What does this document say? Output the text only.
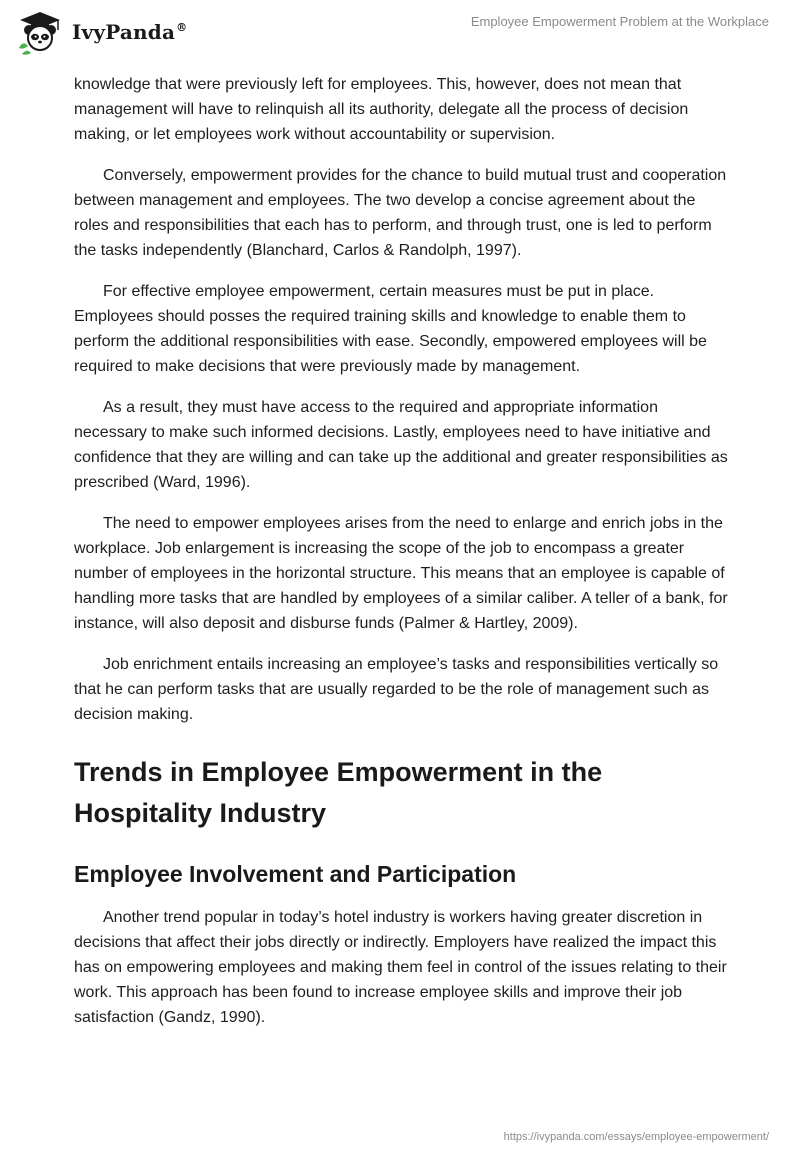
IvyPanda®	Employee Empowerment Problem at the Workplace

knowledge that were previously left for employees. This, however, does not mean that management will have to relinquish all its authority, delegate all the process of decision making, or let employees work without accountability or supervision.

Conversely, empowerment provides for the chance to build mutual trust and cooperation between management and employees. The two develop a concise agreement about the roles and responsibilities that each has to perform, and through trust, one is led to perform the tasks independently (Blanchard, Carlos & Randolph, 1997).

For effective employee empowerment, certain measures must be put in place. Employees should posses the required training skills and knowledge to enable them to perform the additional responsibilities with ease. Secondly, empowered employees will be required to make decisions that were previously made by management.

As a result, they must have access to the required and appropriate information necessary to make such informed decisions. Lastly, employees need to have initiative and confidence that they are willing and can take up the additional and greater responsibilities as prescribed (Ward, 1996).

The need to empower employees arises from the need to enlarge and enrich jobs in the workplace. Job enlargement is increasing the scope of the job to encompass a greater number of employees in the horizontal structure. This means that an employee is capable of handling more tasks that are handled by employees of a similar caliber. A teller of a bank, for instance, will also deposit and disburse funds (Palmer & Hartley, 2009).

Job enrichment entails increasing an employee’s tasks and responsibilities vertically so that he can perform tasks that are usually regarded to be the role of management such as decision making.

Trends in Employee Empowerment in the Hospitality Industry
Employee Involvement and Participation

Another trend popular in today’s hotel industry is workers having greater discretion in decisions that affect their jobs directly or indirectly. Employers have realized the impact this has on empowering employees and making them feel in control of the issues relating to their work. This approach has been found to increase employee skills and improve their job satisfaction (Gandz, 1990).

https://ivypanda.com/essays/employee-empowerment/
